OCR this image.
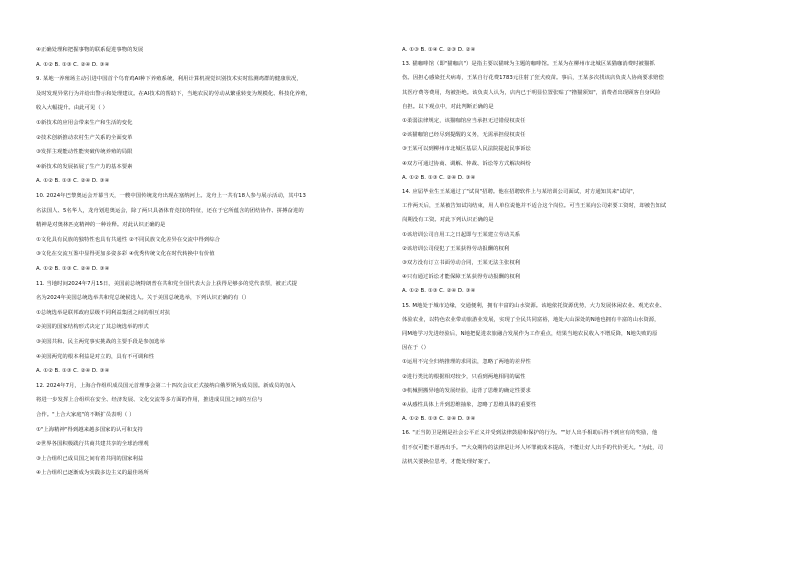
④正确处理和把握事物的联系促进事物的发展
A. ①② B. ①③ C. ②④ D. ③④
9. 某地一养殖场主动引进中国首个鸟育鸡AI种下养殖系统，利用计算机视觉识别技术实时监测鸡群的健康状况，
及时发现异常行为并给出警示和处理建议。在AI技术的帮助下，当地农民的劳动从繁重转变为规模化、科技化养殖，
收入大幅提升。由此可见（ ）
①新技术的应用会带来生产和生活的变化
②技术创新推动农村生产关系的全面变革
③发挥主观能动性能突破传统养殖的局限
④新技术的发展拓展了生产力的基本要素
A. ①② B. ①③ C. ②④ D. ③④
10. 2024年巴黎奥运会开幕当天，一艘中国传统龙舟出现在塞纳河上。龙舟上一共有18人参与展示活动，其中13
名法国人、5名华人，龙舟划进奥运会，除了两只具备体育竞技的特征，还在于它所蕴含的团结协作、拼搏奋进的
精神是对奥林匹克精神的一种诠释。对此认识正确的是
①文化具有民族的独特性也具有共通性 ②不同民族文化差异在交流中得到综合
③文化在交流互鉴中显得更加多姿多彩 ④优秀传统文化在时代转换中有价值
A. ①② B. ①③ C. ②④ D. ③④
11. 当地时间2024年7月15日，美国前总统特朗普在共和党全国代表大会上获得足够多的党代表票，被正式提
名为2024年美国总统选举共和党总统候选人。关于美国总统选举，下列认识正确的有（）
①总统选举是联邦政府层级不同利益集团之间的相互对抗
②美国的国家结构形式决定了其总统选举的形式
③美国共和、民主两党事实挑战的主要手段是参加选举
④美国两党的根本利益是对立的，具有不可调和性
A. ①② B. ①③ C. ②④ D. ③④
12. 2024年7月，上海合作组织成员国元首理事会第二十四次会议正式接纳白俄罗斯为成员国。新成员的加入
将进一步发挥上合组织在安全、经济发展、文化交流等多方面的作用，推进成员国之间的互信与
合作。"上合大家庭"的不断扩员表明（ ）
①"上海精神"得到越来越多国家的认可和支持
②世界各国积极践行共商共建共享的全球治理观
③上合组织已成员国之间有着共同的国家利益
④上合组织已逐渐成为实践多边主义的最佳场所
A. ①③ B. ①④ C. ②③ D. ②④
13. 猫咖啡馆（即"猫咖店"）是指主要以猫咪为主题的咖啡馆。王某为在柳州市北城区某猫咖消费时被猫抓
伤。因担心感染狂犬病毒，王某自行花费1783元注射了狂犬疫苗。事后，王某多次找该店负责人协商要求赔偿
其医疗费等费用，均被拒绝。该负责人认为，店内已于明显位置张贴了"撸猫须知"，消费者出现顾客自身风险
自担。以下观点中，对此判断正确的是
①柔弱法律规定，该猫咖馆应当承担无过错侵权责任
②该猫咖馆已经尽到提醒的义务，无需承担侵权责任
③王某可以到柳州市北城区基层人民法院提起民事诉讼
④双方可通过协商、调解、仲裁、诉讼等方式解决纠纷
A. ①② B. ①③ C. ②④ D. ③④
14. 应届毕业生王某通过了"试岗"招聘。他在招聘软件上与某培训公司面试，对方通知其来"试岗"，
工作两天后，王某被告知试岗结束，用人单位说他并不适合这个岗位。可当王某向公司索要工资时，却被告知试
岗期没有工资。对此下列认识正确的是
①该培训公司自用工之日起即与王某建立劳动关系
②该培训公司侵犯了王某获得劳动报酬的权利
③双方没有订立书面劳动合同，王某无法主张权利
④只有通过诉讼才能保障王某获得劳动报酬的权利
A. ①② B. ①③ C. ②④ D. ③④
15. M地处于城市边缘，交通便利，拥有丰富的山水资源。该地依托资源优势，大力发展休闲农业、观光农业、
体验农业，以特色农业带动旅游业发展，实现了全民共同富裕，地处大山深处的N地也拥有丰富的山水资源，
同M地学习先进经验后，N地把促进农旅融合发展作为工作重点，结果当地农民收入不增反降，N地失败的原
因在于（）
①运用不完全归纳推理的求同法，忽略了两地的差异性
②进行类比的根据相对较少，只看到两地相同的属性
③机械照搬异地的发展经验，违背了思维的确定性要求
④从感性具体上升到思维抽象，忽略了思维具体的重要性
A. ①② B. ①③ C. ②④ D. ③④
16. "正当防卫是刚是社会公平正义并受到法律鼓励和保护的行为。""好人出手相助后得不到应有的奖励，他
们不仅可能不愿再出手。""大众期待的法律是让坏人坏罪就成本提高，不能让好人出手的代价更大。"为此，司
法机关要换位思考，才能处理好案子。
